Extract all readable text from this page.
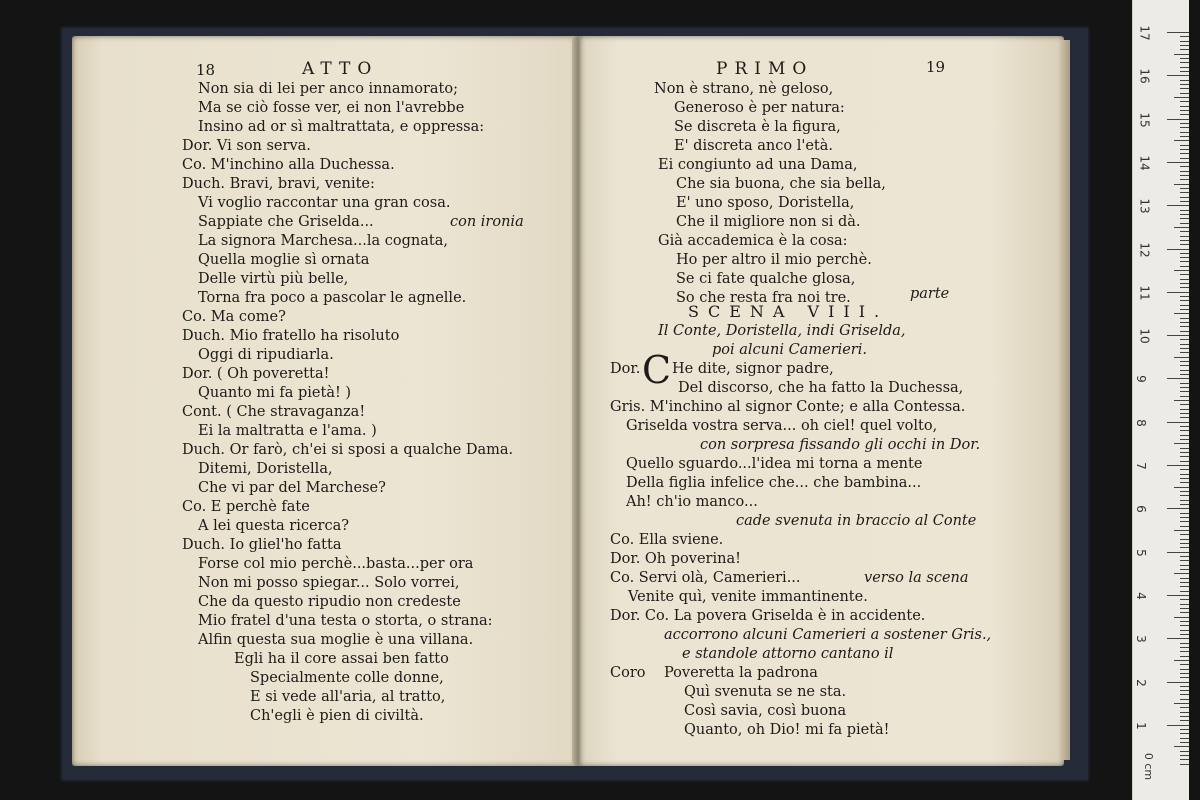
18	ATTO
Non sia di lei per anco innamorato;
Ma se ciò fosse ver, ei non l'avrebbe
Insino ad or sì maltrattata, e oppressa:
Dor. Vi son serva.
Co. M'inchino alla Duchessa.
Duch. Bravi, bravi, venite:
Vi voglio raccontar una gran cosa.
Sappiate che Griselda...	con ironia
La signora Marchesa...la cognata,
Quella moglie sì ornata
Delle virtù più belle,
Torna fra poco a pascolar le agnelle.
Co. Ma come?
Duch. Mio fratello ha risoluto
Oggi di ripudiarla.
Dor. ( Oh poveretta!
Quanto mi fa pietà! )
Cont. ( Che stravaganza!
Ei la maltratta e l'ama. )
Duch. Or farò, ch'ei si sposi a qualche Dama.
Ditemi, Doristella,
Che vi par del Marchese?
Co. E perchè fate
A lei questa ricerca?
Duch. Io gliel'ho fatta
Forse col mio perchè...basta...per ora
Non mi posso spiegar... Solo vorrei,
Che da questo ripudio non credeste
Mio fratel d'una testa o storta, o strana:
Alfin questa sua moglie è una villana.
Egli ha il core assai ben fatto
Specialmente colle donne,
E si vede all'aria, al tratto,
Ch'egli è pien di civiltà.
PRIMO	19
Non è strano, nè geloso,
Generoso è per natura:
Se discreta è la figura,
E' discreta anco l'età.
Ei congiunto ad una Dama,
Che sia buona, che sia bella,
E' uno sposo, Doristella,
Che il migliore non si dà.
Già accademica è la cosa:
Ho per altro il mio perchè.
Se ci fate qualche glosa,
So che resta fra noi tre.	parte
SCENA VIII.
Il Conte, Doristella, indi Griselda,
poi alcuni Camerieri.
Dor. C He dite, signor padre,
Del discorso, che ha fatto la Duchessa,
Gris. M'inchino al signor Conte; e alla Contessa.
Griselda vostra serva... oh ciel! quel volto,
con sorpresa fissando gli occhi in Dor.
Quello sguardo...l'idea mi torna a mente
Della figlia infelice che... che bambina...
Ah! ch'io manco...
cade svenuta in braccio al Conte
Co. Ella sviene.
Dor. Oh poverina!
Co. Servi olà, Camerieri...	verso la scena
Venite quì, venite immantinente.
Dor. Co. La povera Griselda è in accidente.
accorrono alcuni Camerieri a sostener Gris.,
e standole attorno cantano il
Coro Poveretta la padrona
Quì svenuta se ne sta.
Così savia, così buona
Quanto, oh Dio! mi fa pietà!
17
16
15
14
13
12
11
10
9
8
7
6
5
4
3
2
1
0 cm
